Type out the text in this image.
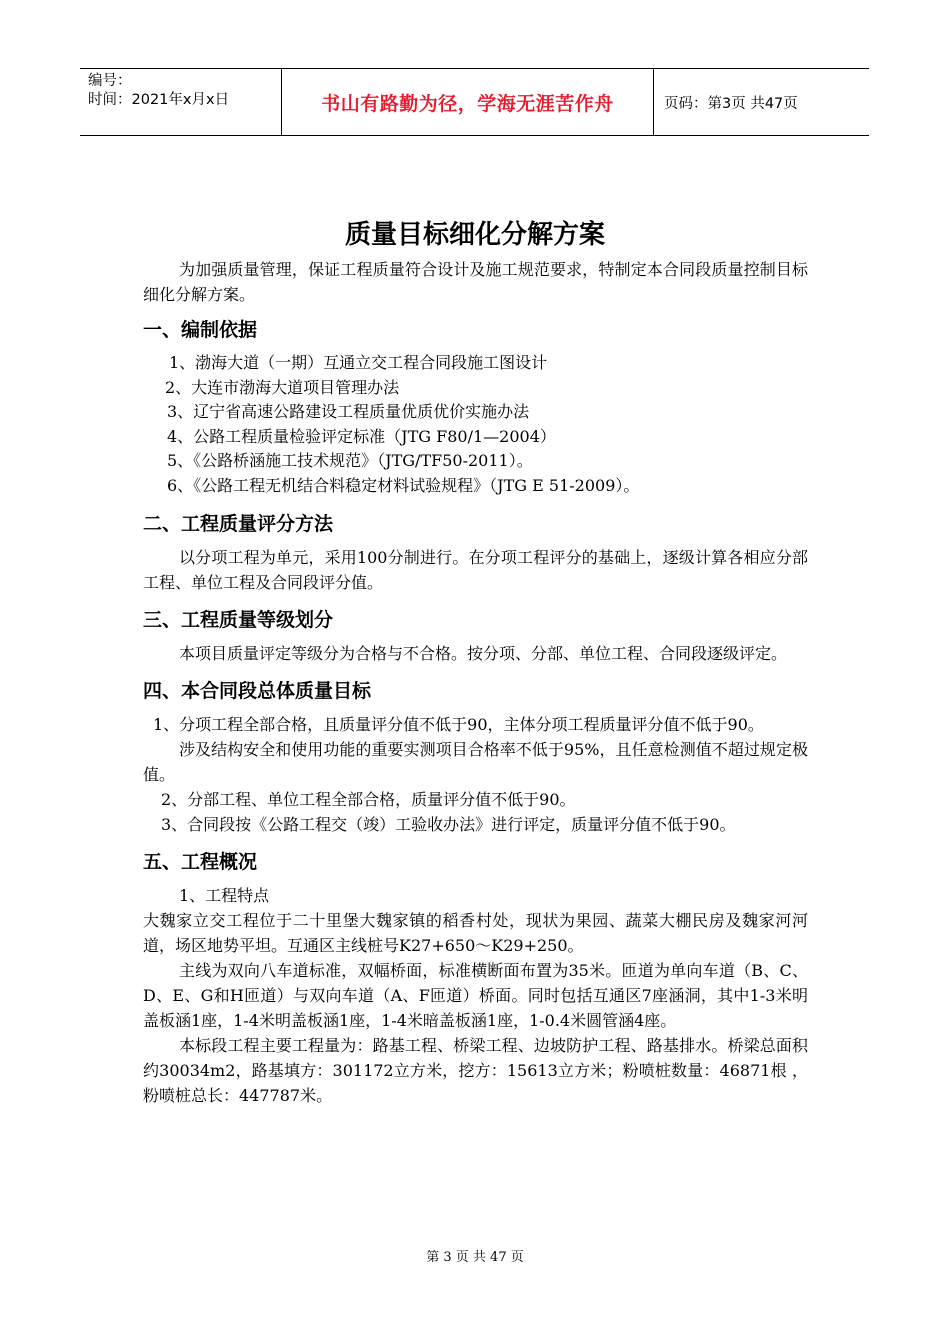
编号：
时间：2021年x月x日	书山有路勤为径，学海无涯苦作舟	页码：第3页 共47页
质量目标细化分解方案
为加强质量管理，保证工程质量符合设计及施工规范要求，特制定本合同段质量控制目标细化分解方案。
一、编制依据
1、渤海大道（一期）互通立交工程合同段施工图设计
2、大连市渤海大道项目管理办法
3、辽宁省高速公路建设工程质量优质优价实施办法
4、公路工程质量检验评定标准（JTG F80/1—2004）
5、《公路桥涵施工技术规范》（JTG/TF50-2011）。
6、《公路工程无机结合料稳定材料试验规程》（JTG E 51-2009）。
二、工程质量评分方法
以分项工程为单元，采用100分制进行。在分项工程评分的基础上，逐级计算各相应分部工程、单位工程及合同段评分值。
三、工程质量等级划分
本项目质量评定等级分为合格与不合格。按分项、分部、单位工程、合同段逐级评定。
四、本合同段总体质量目标
1、分项工程全部合格，且质量评分值不低于90，主体分项工程质量评分值不低于90。
涉及结构安全和使用功能的重要实测项目合格率不低于95%，且任意检测值不超过规定极值。
2、分部工程、单位工程全部合格，质量评分值不低于90。
3、合同段按《公路工程交（竣）工验收办法》进行评定，质量评分值不低于90。
五、工程概况
1、工程特点
大魏家立交工程位于二十里堡大魏家镇的稻香村处，现状为果园、蔬菜大棚民房及魏家河河道，场区地势平坦。互通区主线桩号K27+650～K29+250。
主线为双向八车道标准，双幅桥面，标准横断面布置为35米。匝道为单向车道（B、C、D、E、G和H匝道）与双向车道（A、F匝道）桥面。同时包括互通区7座涵洞，其中1-3米明盖板涵1座，1-4米明盖板涵1座，1-4米暗盖板涵1座，1-0.4米圆管涵4座。
本标段工程主要工程量为：路基工程、桥梁工程、边坡防护工程、路基排水。桥梁总面积约30034m2，路基填方：301172立方米，挖方：15613立方米；粉喷桩数量：46871根 ，粉喷桩总长：447787米。
第 3 页 共 47 页
